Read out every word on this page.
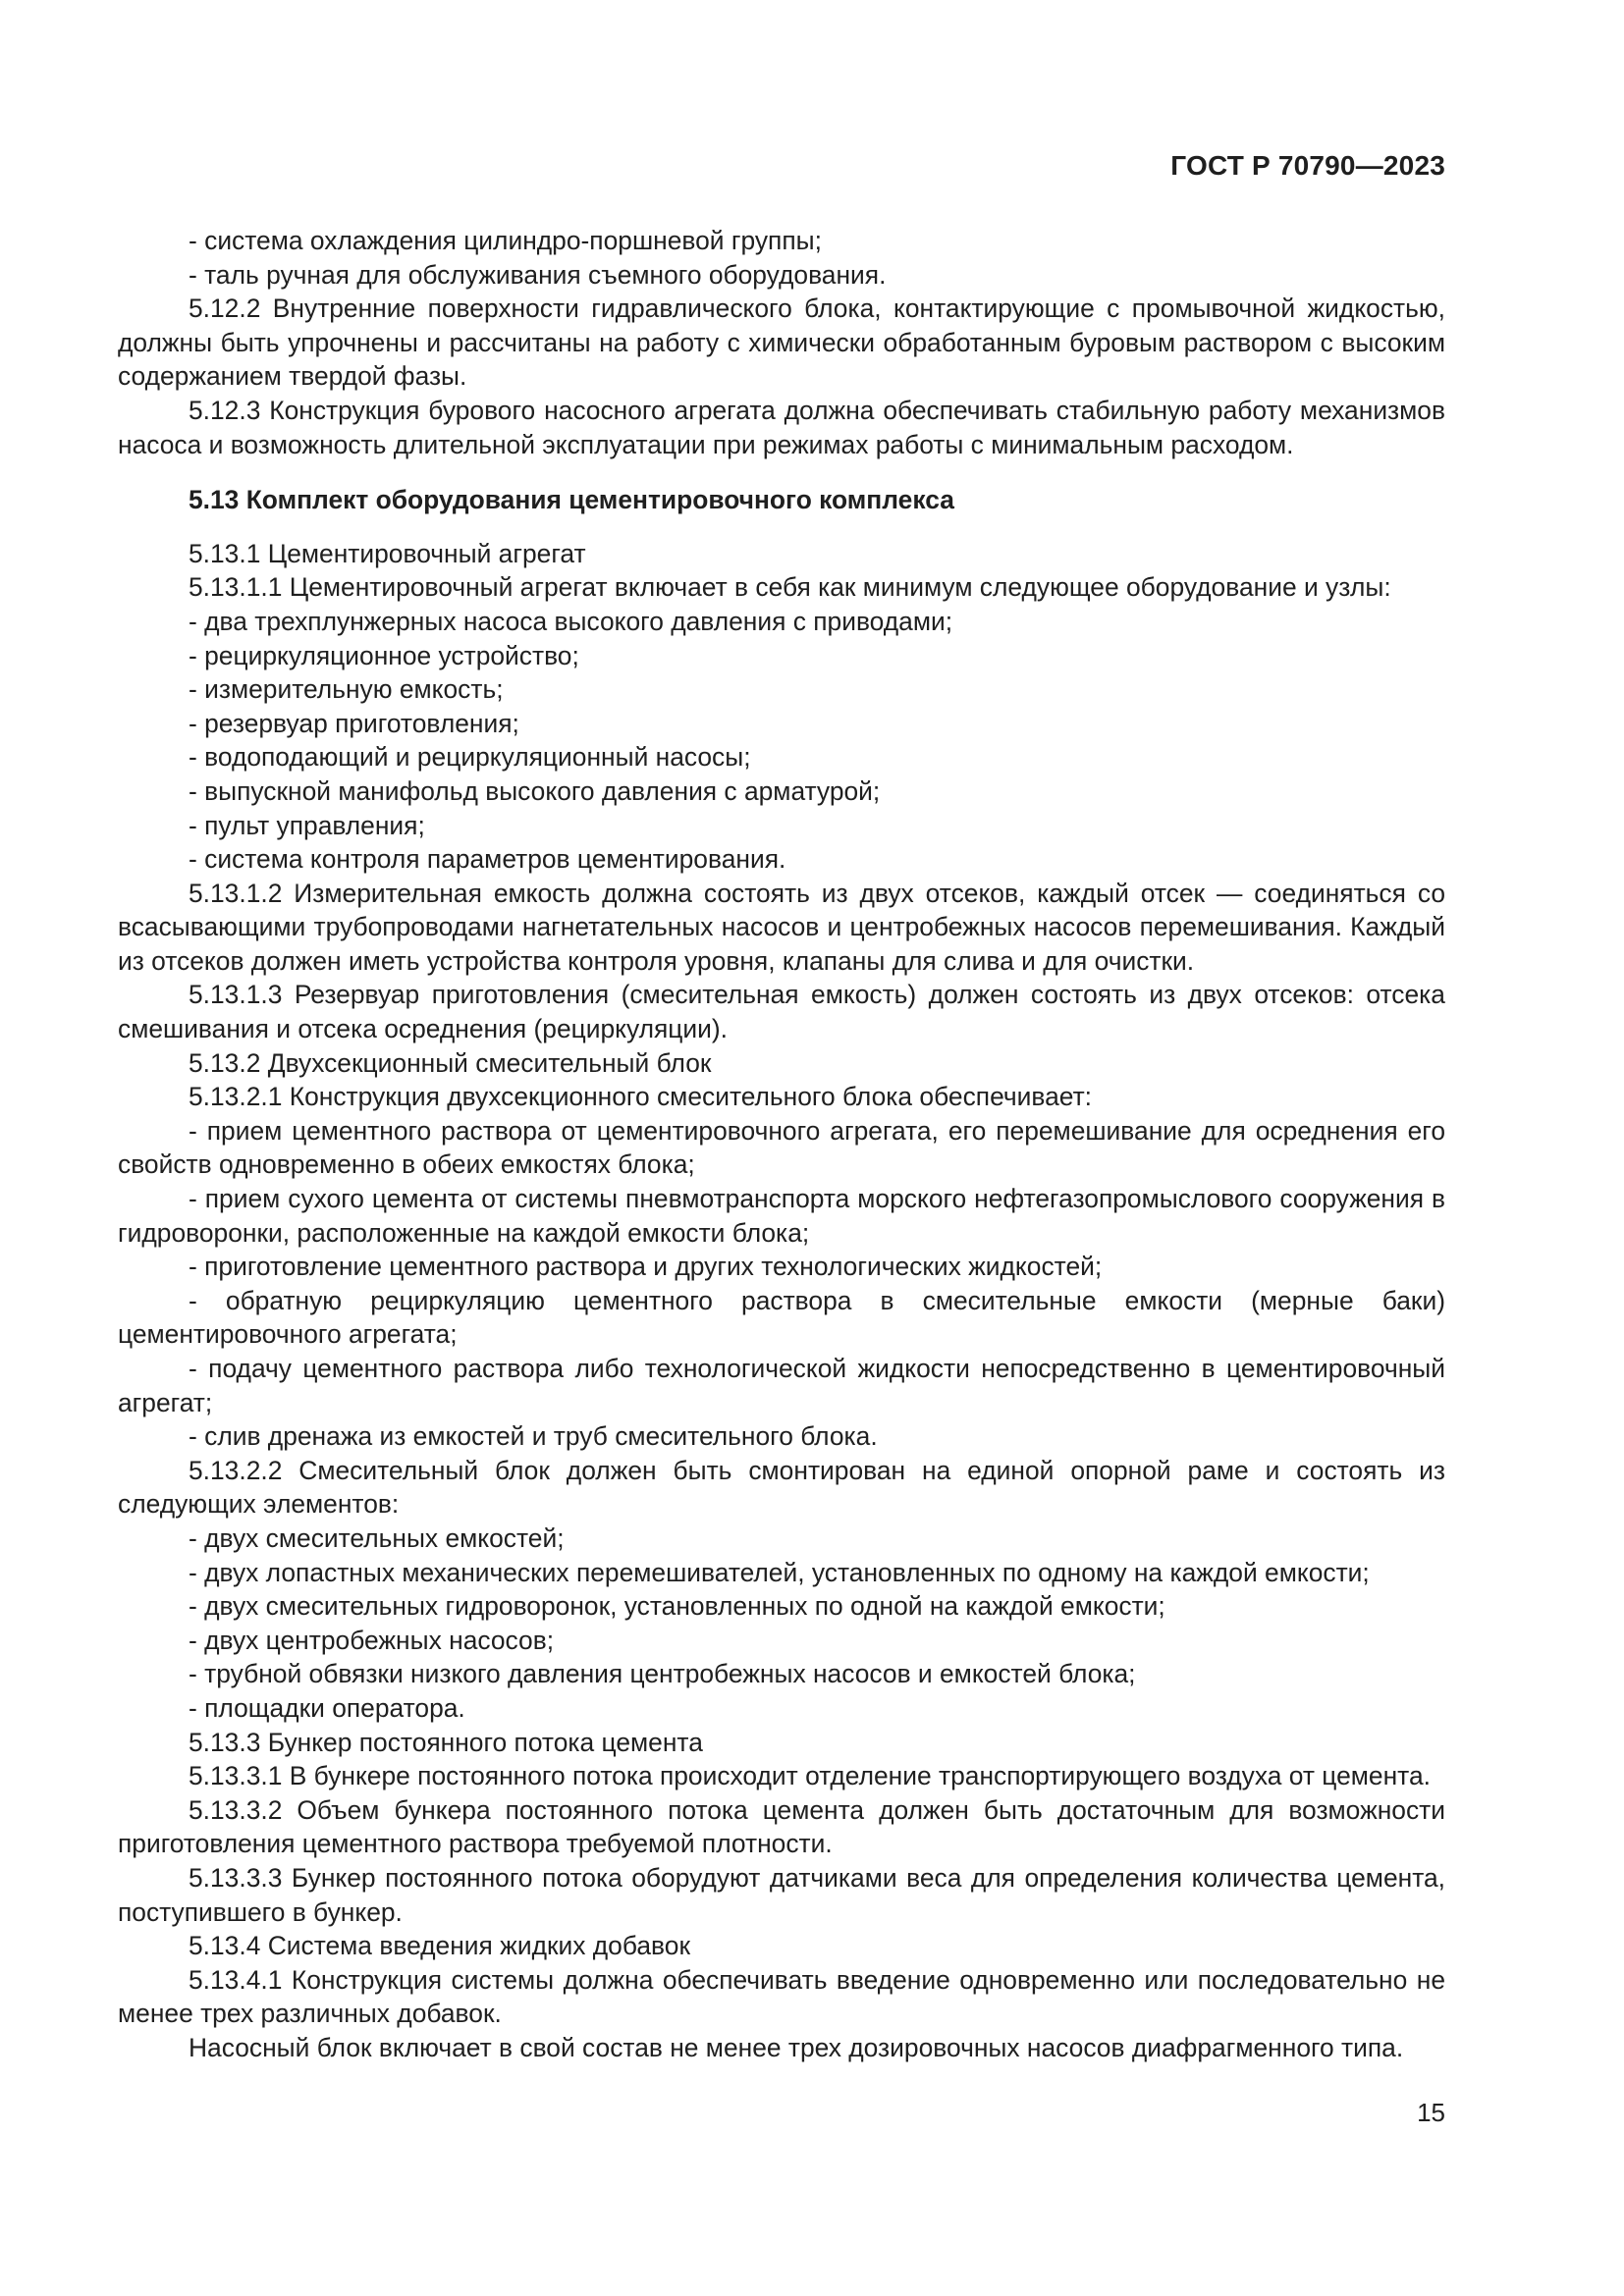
ГОСТ Р 70790—2023

- система охлаждения цилиндро-поршневой группы;

- таль ручная для обслуживания съемного оборудования.

5.12.2 Внутренние поверхности гидравлического блока, контактирующие с промывочной жидкостью, должны быть упрочнены и рассчитаны на работу с химически обработанным буровым раствором с высоким содержанием твердой фазы.

5.12.3 Конструкция бурового насосного агрегата должна обеспечивать стабильную работу механизмов насоса и возможность длительной эксплуатации при режимах работы с минимальным расходом.

5.13 Комплект оборудования цементировочного комплекса

5.13.1 Цементировочный агрегат

5.13.1.1 Цементировочный агрегат включает в себя как минимум следующее оборудование и узлы:

- два трехплунжерных насоса высокого давления с приводами;

- рециркуляционное устройство;

- измерительную емкость;

- резервуар приготовления;

- водоподающий и рециркуляционный насосы;

- выпускной манифольд высокого давления с арматурой;

- пульт управления;

- система контроля параметров цементирования.

5.13.1.2 Измерительная емкость должна состоять из двух отсеков, каждый отсек — соединяться со всасывающими трубопроводами нагнетательных насосов и центробежных насосов перемешивания. Каждый из отсеков должен иметь устройства контроля уровня, клапаны для слива и для очистки.

5.13.1.3 Резервуар приготовления (смесительная емкость) должен состоять из двух отсеков: отсека смешивания и отсека осреднения (рециркуляции).

5.13.2 Двухсекционный смесительный блок

5.13.2.1 Конструкция двухсекционного смесительного блока обеспечивает:

- прием цементного раствора от цементировочного агрегата, его перемешивание для осреднения его свойств одновременно в обеих емкостях блока;

- прием сухого цемента от системы пневмотранспорта морского нефтегазопромыслового сооружения в гидроворонки, расположенные на каждой емкости блока;

- приготовление цементного раствора и других технологических жидкостей;

- обратную рециркуляцию цементного раствора в смесительные емкости (мерные баки) цементировочного агрегата;

- подачу цементного раствора либо технологической жидкости непосредственно в цементировочный агрегат;

- слив дренажа из емкостей и труб смесительного блока.

5.13.2.2 Смесительный блок должен быть смонтирован на единой опорной раме и состоять из следующих элементов:

- двух смесительных емкостей;

- двух лопастных механических перемешивателей, установленных по одному на каждой емкости;

- двух смесительных гидроворонок, установленных по одной на каждой емкости;

- двух центробежных насосов;

- трубной обвязки низкого давления центробежных насосов и емкостей блока;

- площадки оператора.

5.13.3 Бункер постоянного потока цемента

5.13.3.1 В бункере постоянного потока происходит отделение транспортирующего воздуха от цемента.

5.13.3.2 Объем бункера постоянного потока цемента должен быть достаточным для возможности приготовления цементного раствора требуемой плотности.

5.13.3.3 Бункер постоянного потока оборудуют датчиками веса для определения количества цемента, поступившего в бункер.

5.13.4 Система введения жидких добавок

5.13.4.1 Конструкция системы должна обеспечивать введение одновременно или последовательно не менее трех различных добавок.

Насосный блок включает в свой состав не менее трех дозировочных насосов диафрагменного типа.

15
